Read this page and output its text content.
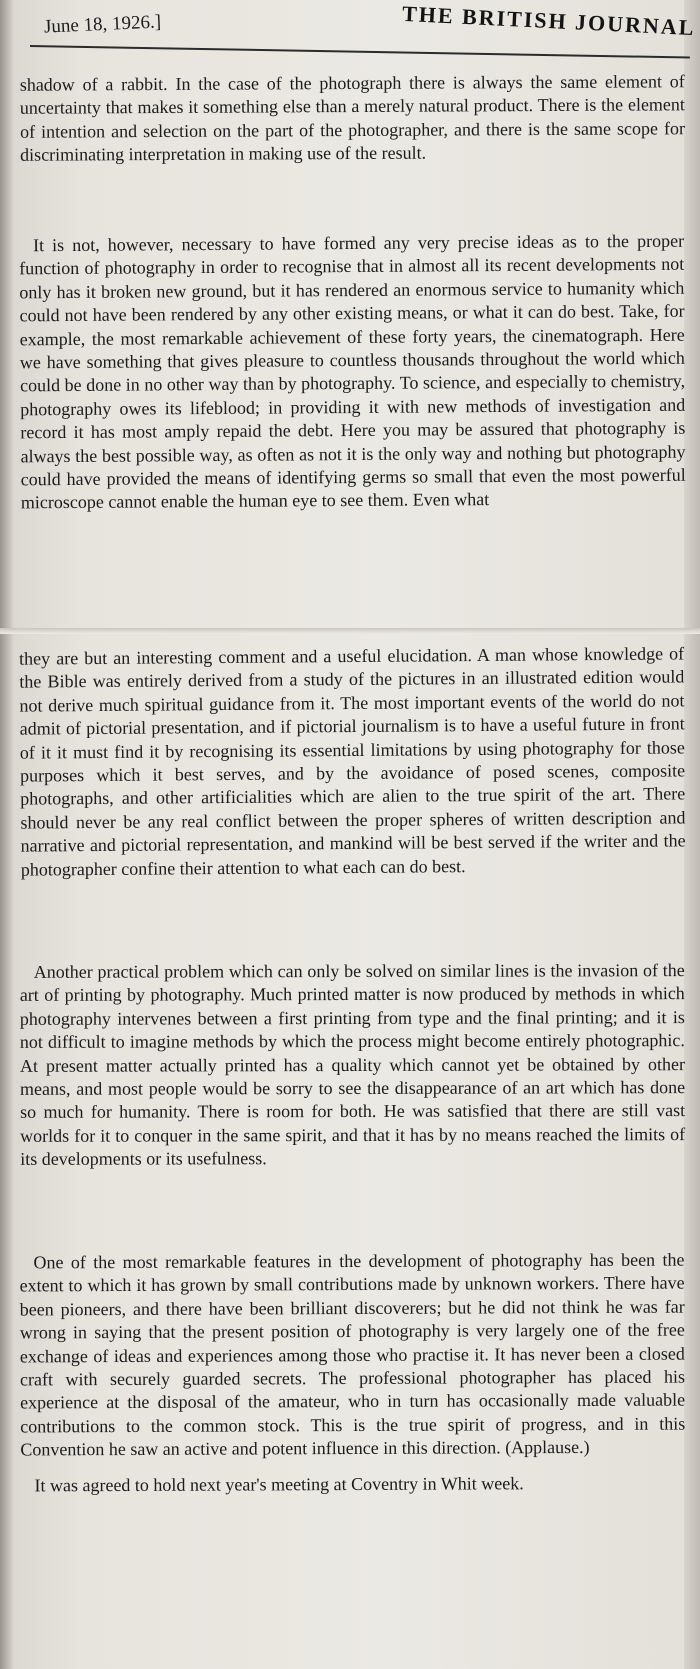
June 18, 1926.]	THE BRITISH JOURNAL

shadow of a rabbit. In the case of the photograph there is always the same element of uncertainty that makes it something else than a merely natural product. There is the element of intention and selection on the part of the photographer, and there is the same scope for discriminating interpretation in making use of the result.

It is not, however, necessary to have formed any very precise ideas as to the proper function of photography in order to recognise that in almost all its recent developments not only has it broken new ground, but it has rendered an enormous service to humanity which could not have been rendered by any other existing means, or what it can do best. Take, for example, the most remarkable achievement of these forty years, the cinematograph. Here we have something that gives pleasure to countless thousands throughout the world which could be done in no other way than by photography. To science, and especially to chemistry, photography owes its lifeblood; in providing it with new methods of investigation and record it has most amply repaid the debt. Here you may be assured that photography is always the best possible way, as often as not it is the only way and nothing but photography could have provided the means of identifying germs so small that even the most powerful microscope cannot enable the human eye to see them. Even what

they are but an interesting comment and a useful elucidation. A man whose knowledge of the Bible was entirely derived from a study of the pictures in an illustrated edition would not derive much spiritual guidance from it. The most important events of the world do not admit of pictorial presentation, and if pictorial journalism is to have a useful future in front of it it must find it by recognising its essential limitations by using photography for those purposes which it best serves, and by the avoidance of posed scenes, composite photographs, and other artificialities which are alien to the true spirit of the art. There should never be any real conflict between the proper spheres of written description and narrative and pictorial representation, and mankind will be best served if the writer and the photographer confine their attention to what each can do best.

Another practical problem which can only be solved on similar lines is the invasion of the art of printing by photography. Much printed matter is now produced by methods in which photography intervenes between a first printing from type and the final printing; and it is not difficult to imagine methods by which the process might become entirely photographic. At present matter actually printed has a quality which cannot yet be obtained by other means, and most people would be sorry to see the disappearance of an art which has done so much for humanity. There is room for both. He was satisfied that there are still vast worlds for it to conquer in the same spirit, and that it has by no means reached the limits of its developments or its usefulness.

One of the most remarkable features in the development of photography has been the extent to which it has grown by small contributions made by unknown workers. There have been pioneers, and there have been brilliant discoverers; but he did not think he was far wrong in saying that the present position of photography is very largely one of the free exchange of ideas and experiences among those who practise it. It has never been a closed craft with securely guarded secrets. The professional photographer has placed his experience at the disposal of the amateur, who in turn has occasionally made valuable contributions to the common stock. This is the true spirit of progress, and in this Convention he saw an active and potent influence in this direction. (Applause.)

It was agreed to hold next year's meeting at Coventry in Whit week.
